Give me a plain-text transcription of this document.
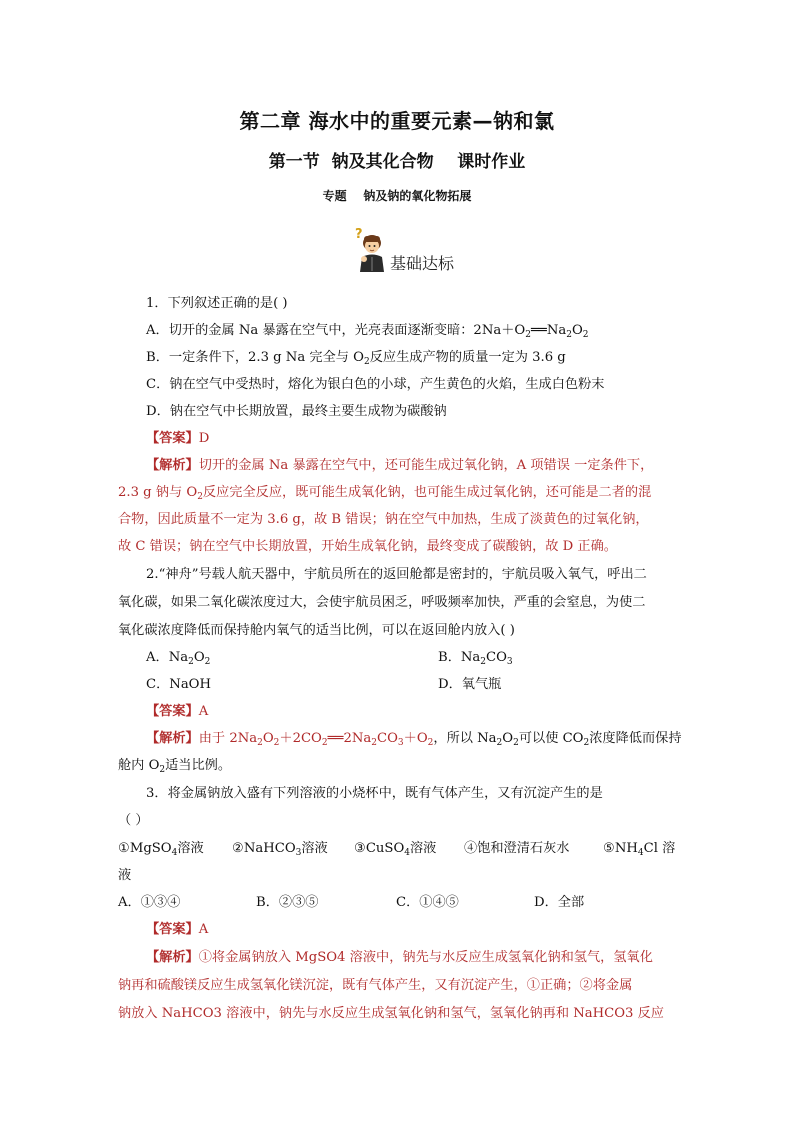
第二章 海水中的重要元素—钠和氯
第一节  钠及其化合物    课时作业
专题    钠及钠的氧化物拓展
?
基础达标
1．下列叙述正确的是( )
A．切开的金属 Na 暴露在空气中，光亮表面逐渐变暗：$2Na+O_2══Na_2O_2$
B．一定条件下，2.3 g Na 完全与 $O_2$反应生成产物的质量一定为 3.6 g
C．钠在空气中受热时，熔化为银白色的小球，产生黄色的火焰，生成白色粉末
D．钠在空气中长期放置，最终主要生成物为碳酸钠
【答案】D
【解析】切开的金属 Na 暴露在空气中，还可能生成过氧化钠，A 项错误 一定条件下，
2.3 g 钠与 $O_2$反应完全反应，既可能生成氧化钠，也可能生成过氧化钠，还可能是二者的混
合物，因此质量不一定为 3.6 g，故 B 错误；钠在空气中加热，生成了淡黄色的过氧化钠，
故 C 错误；钠在空气中长期放置，开始生成氧化钠，最终变成了碳酸钠，故 D 正确。
2.“神舟”号载人航天器中，宇航员所在的返回舱都是密封的，宇航员吸入氧气，呼出二
氧化碳，如果二氧化碳浓度过大，会使宇航员困乏，呼吸频率加快，严重的会窒息，为使二
氧化碳浓度降低而保持舱内氧气的适当比例，可以在返回舱内放入( )
A．$Na_2O_2$	B．$Na_2CO_3$
C．NaOH	D．氧气瓶
【答案】A
【解析】由于 $2Na_2O_2+2CO_2══2Na_2CO_3+O_2$，所以 $Na_2O_2$可以使 $CO_2$浓度降低而保持
舱内 $O_2$适当比例。
3．将金属钠放入盛有下列溶液的小烧杯中，既有气体产生，又有沉淀产生的是
（ ）
①MgSO$_4$溶液 ②NaHCO$_3$溶液 ③CuSO$_4$溶液 ④饱和澄清石灰水	$⑤NH_4Cl$ 溶
液
A．①③④	B．②③⑤	C．①④⑤	D．全部
【答案】A
【解析】①将金属钠放入 MgSO4 溶液中，钠先与水反应生成氢氧化钠和氢气，氢氧化
钠再和硫酸镁反应生成氢氧化镁沉淀，既有气体产生，又有沉淀产生，①正确；②将金属
钠放入 NaHCO3 溶液中，钠先与水反应生成氢氧化钠和氢气，氢氧化钠再和 NaHCO3 反应
